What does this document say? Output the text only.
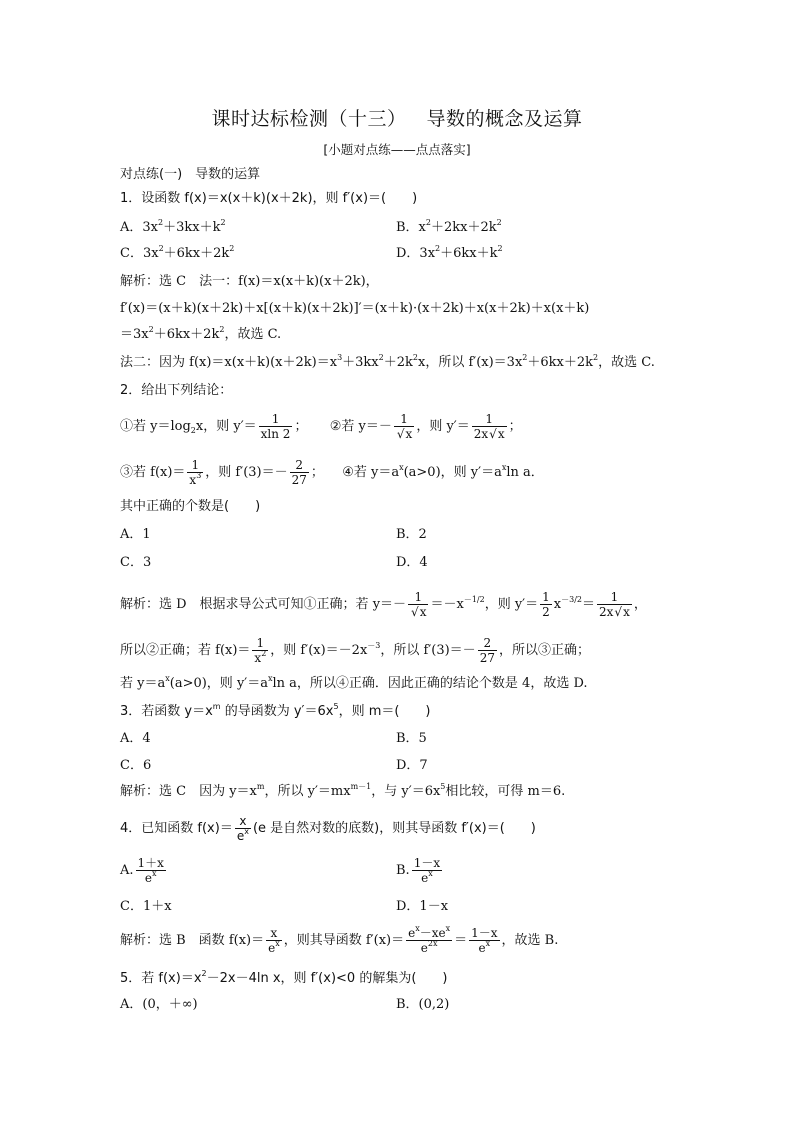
课时达标检测（十三） 导数的概念及运算
[小题对点练——点点落实]
对点练(一)　导数的运算
1．设函数 f(x)＝x(x＋k)(x＋2k)，则 f′(x)＝(　　)
A．$3x^2+3kx+k^2$	B．$x^2+2kx+2k^2$
C．$3x^2+6kx+2k^2$	D．$3x^2+6kx+k^2$
解析：选 C　法一：f(x)＝x(x＋k)(x＋2k)，
f′(x)＝(x＋k)(x＋2k)＋x[(x＋k)(x＋2k)]′＝(x＋k)·(x＋2k)＋x(x＋2k)＋x(x＋k)
$=3x^2+6kx+2k^2$，故选 C.
法二：因为 $f(x)=x(x+k)(x+2k)=x^3+3kx^2+2k^2x$，所以 $f'(x)=3x^2+6kx+2k^2$，故选 C.
2．给出下列结论：
①若 $y=\log_2x$，则 $y'= \frac{1}{xln 2}$ ； ②若 y＝－ 1
√ x ，则 $y'= \frac{1}{2x √ x}$ ；
③若 $f(x)= \frac{1}{x^3}$ ，则 $f'(3)=- \frac{2}{27}$ ； ④若 $y=a^x(a>0)$，则 $y'=a^x\ln$ a．
其中正确的个数是(　　)
A．1	B．2
C．3	D．4
解析：选 D　根据求导公式可知①正确；若 y＝－ 1
√ $x =-x^{-1/2}$，则 $y'= \frac{1}{2} x^{-3/2}= \frac{1}{2x √ x}$ ，
所以②正确；若 $f(x)= \frac{1}{x^2}$ ，则 $f'(x)=-2x^{-3}$，所以 $f'(3)=- \frac{2}{27}$ ，所以③正确；
若 $y=a^x(a>0)$，则 $y'=a^x\ln$ a，所以④正确．因此正确的结论个数是 4，故选 D.
3．若函数 $y=x^m$ 的导函数为 $y'=6x^5$，则 m＝(　　)
A．4	B．5
C．6	D．7
解析：选 C　因为 $y=x^m$，所以 $y'=mx^{m-1}$，与 $y'=6x^5$相比较，可得 m＝6.
4．已知函数 $f(x)= \frac{x}{e^x} (e$ 是自然对数的底数)，则其导函数 f′(x)＝(　　)
A. $\frac{1+x}{e^x}$	B. $\frac{1-x}{e^x}$
C．1＋x	D．1－x
解析：选 B　函数 $f(x)= \frac{x}{e^x}$ ，则其导函数 $f'(x)= \frac{e^x-xe^x}{e^{2x}} = \frac{1-x}{e^x}$ ，故选 B.
5．若 $f(x)=x^2-2x-4\ln$ x，则 f′(x)<0 的解集为(　　)
A．(0，＋∞)	B．(0,2)
